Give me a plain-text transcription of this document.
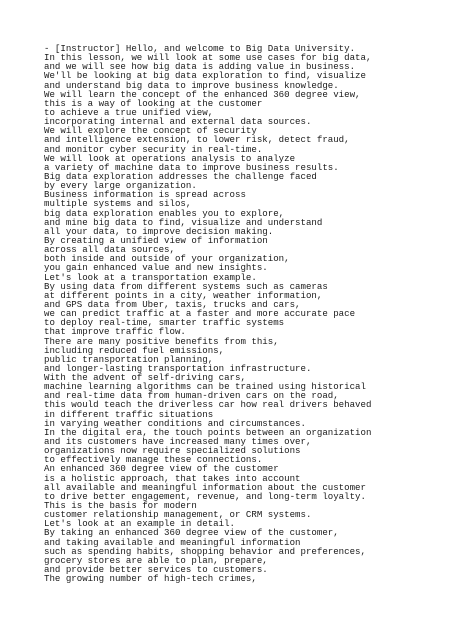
- [Instructor] Hello, and welcome to Big Data University.
In this lesson, we will look at some use cases for big data,
and we will see how big data is adding value in business.
We'll be looking at big data exploration to find, visualize
and understand big data to improve business knowledge.
We will learn the concept of the enhanced 360 degree view,
this is a way of looking at the customer
to achieve a true unified view,
incorporating internal and external data sources.
We will explore the concept of security
and intelligence extension, to lower risk, detect fraud,
and monitor cyber security in real-time.
We will look at operations analysis to analyze
a variety of machine data to improve business results.
Big data exploration addresses the challenge faced
by every large organization.
Business information is spread across
multiple systems and silos,
big data exploration enables you to explore,
and mine big data to find, visualize and understand
all your data, to improve decision making.
By creating a unified view of information
across all data sources,
both inside and outside of your organization,
you gain enhanced value and new insights.
Let's look at a transportation example.
By using data from different systems such as cameras
at different points in a city, weather information,
and GPS data from Uber, taxis, trucks and cars,
we can predict traffic at a faster and more accurate pace
to deploy real-time, smarter traffic systems
that improve traffic flow.
There are many positive benefits from this,
including reduced fuel emissions,
public transportation planning,
and longer-lasting transportation infrastructure.
With the advent of self-driving cars,
machine learning algorithms can be trained using historical
and real-time data from human-driven cars on the road,
this would teach the driverless car how real drivers behaved
in different traffic situations
in varying weather conditions and circumstances.
In the digital era, the touch points between an organization
and its customers have increased many times over,
organizations now require specialized solutions
to effectively manage these connections.
An enhanced 360 degree view of the customer
is a holistic approach, that takes into account
all available and meaningful information about the customer
to drive better engagement, revenue, and long-term loyalty.
This is the basis for modern
customer relationship management, or CRM systems.
Let's look at an example in detail.
By taking an enhanced 360 degree view of the customer,
and taking available and meaningful information
such as spending habits, shopping behavior and preferences,
grocery stores are able to plan, prepare,
and provide better services to customers.
The growing number of high-tech crimes,
